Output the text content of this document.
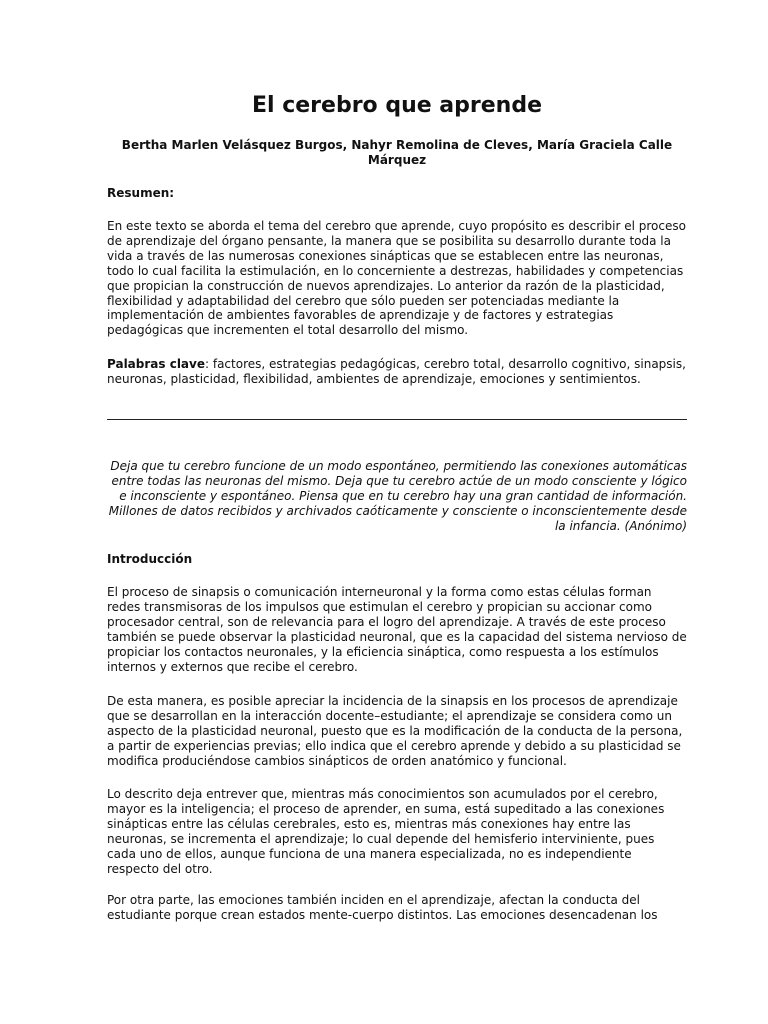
El cerebro que aprende

Bertha Marlen Velásquez Burgos, Nahyr Remolina de Cleves, María Graciela Calle Márquez

Resumen:

En este texto se aborda el tema del cerebro que aprende, cuyo propósito es describir el proceso de aprendizaje del órgano pensante, la manera que se posibilita su desarrollo durante toda la vida a través de las numerosas conexiones sinápticas que se establecen entre las neuronas, todo lo cual facilita la estimulación, en lo concerniente a destrezas, habilidades y competencias que propician la construcción de nuevos aprendizajes. Lo anterior da razón de la plasticidad, flexibilidad y adaptabilidad del cerebro que sólo pueden ser potenciadas mediante la implementación de ambientes favorables de aprendizaje y de factores y estrategias pedagógicas que incrementen el total desarrollo del mismo.

Palabras clave: factores, estrategias pedagógicas, cerebro total, desarrollo cognitivo, sinapsis, neuronas, plasticidad, flexibilidad, ambientes de aprendizaje, emociones y sentimientos.

Deja que tu cerebro funcione de un modo espontáneo, permitiendo las conexiones automáticas entre todas las neuronas del mismo. Deja que tu cerebro actúe de un modo consciente y lógico e inconsciente y espontáneo. Piensa que en tu cerebro hay una gran cantidad de información. Millones de datos recibidos y archivados caóticamente y consciente o inconscientemente desde la infancia. (Anónimo)

Introducción

El proceso de sinapsis o comunicación interneuronal y la forma como estas células forman redes transmisoras de los impulsos que estimulan el cerebro y propician su accionar como procesador central, son de relevancia para el logro del aprendizaje. A través de este proceso también se puede observar la plasticidad neuronal, que es la capacidad del sistema nervioso de propiciar los contactos neuronales, y la eficiencia sináptica, como respuesta a los estímulos internos y externos que recibe el cerebro.

De esta manera, es posible apreciar la incidencia de la sinapsis en los procesos de aprendizaje que se desarrollan en la interacción docente–estudiante; el aprendizaje se considera como un aspecto de la plasticidad neuronal, puesto que es la modificación de la conducta de la persona, a partir de experiencias previas; ello indica que el cerebro aprende y debido a su plasticidad se modifica produciéndose cambios sinápticos de orden anatómico y funcional.

Lo descrito deja entrever que, mientras más conocimientos son acumulados por el cerebro, mayor es la inteligencia; el proceso de aprender, en suma, está supeditado a las conexiones sinápticas entre las células cerebrales, esto es, mientras más conexiones hay entre las neuronas, se incrementa el aprendizaje; lo cual depende del hemisferio interviniente, pues cada uno de ellos, aunque funciona de una manera especializada, no es independiente respecto del otro.

Por otra parte, las emociones también inciden en el aprendizaje, afectan la conducta del estudiante porque crean estados mente-cuerpo distintos. Las emociones desencadenan los
